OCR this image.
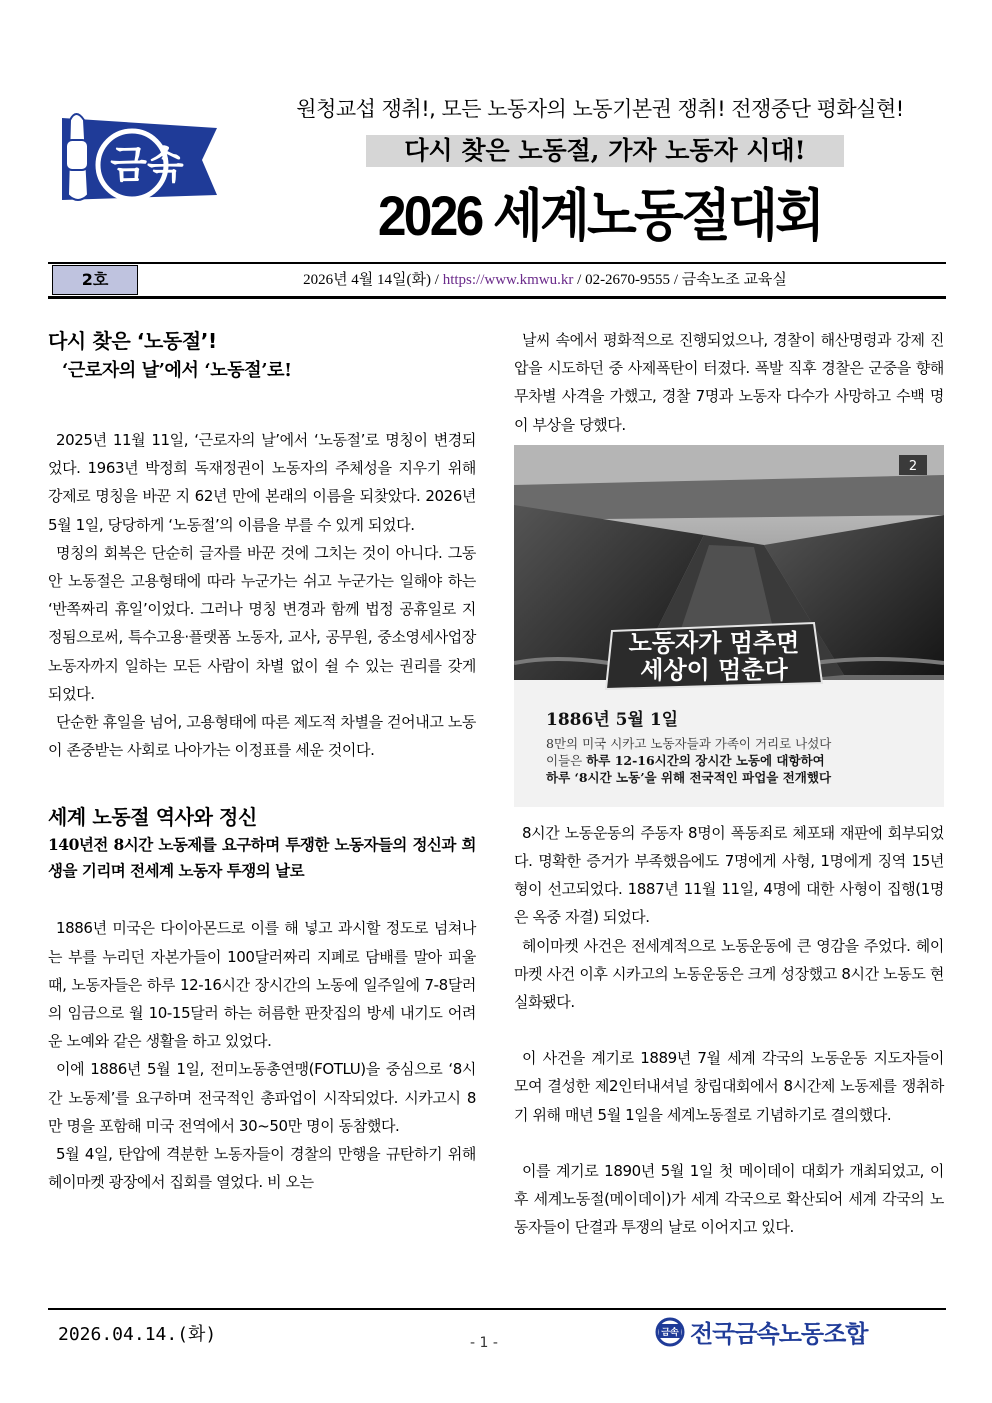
금속
원청교섭 쟁취!, 모든 노동자의 노동기본권 쟁취! 전쟁중단 평화실현!
다시 찾은 노동절, 가자 노동자 시대!
2026 세계노동절대회
2호	2026년 4월 14일(화) / https://www.kmwu.kr / 02-2670-9555 / 금속노조 교육실

다시 찾은 ‘노동절’!

‘근로자의 날’에서 ‘노동절’로!

2025년 11월 11일, ‘근로자의 날’에서 ‘노동절’로 명칭이 변경되었다. 1963년 박정희 독재정권이 노동자의 주체성을 지우기 위해 강제로 명칭을 바꾼 지 62년 만에 본래의 이름을 되찾았다. 2026년 5월 1일, 당당하게 ‘노동절’의 이름을 부를 수 있게 되었다.

명칭의 회복은 단순히 글자를 바꾼 것에 그치는 것이 아니다. 그동안 노동절은 고용형태에 따라 누군가는 쉬고 누군가는 일해야 하는 ‘반쪽짜리 휴일’이었다. 그러나 명칭 변경과 함께 법정 공휴일로 지정됨으로써, 특수고용·플랫폼 노동자, 교사, 공무원, 중소영세사업장 노동자까지 일하는 모든 사람이 차별 없이 쉴 수 있는 권리를 갖게 되었다.

단순한 휴일을 넘어, 고용형태에 따른 제도적 차별을 걷어내고 노동이 존중받는 사회로 나아가는 이정표를 세운 것이다.

세계 노동절 역사와 정신

140년전 8시간 노동제를 요구하며 투쟁한 노동자들의 정신과 희생을 기리며 전세계 노동자 투쟁의 날로

1886년 미국은 다이아몬드로 이를 해 넣고 과시할 정도로 넘쳐나는 부를 누리던 자본가들이 100달러짜리 지폐로 담배를 말아 피울 때, 노동자들은 하루 12-16시간 장시간의 노동에 일주일에 7-8달러의 임금으로 월 10-15달러 하는 허름한 판잣집의 방세 내기도 어려운 노예와 같은 생활을 하고 있었다.

이에 1886년 5월 1일, 전미노동총연맹(FOTLU)을 중심으로 ‘8시간 노동제’를 요구하며 전국적인 총파업이 시작되었다. 시카고시 8만 명을 포함해 미국 전역에서 30~50만 명이 동참했다.

5월 4일, 탄압에 격분한 노동자들이 경찰의 만행을 규탄하기 위해 헤이마켓 광장에서 집회를 열었다. 비 오는

날씨 속에서 평화적으로 진행되었으나, 경찰이 해산명령과 강제 진압을 시도하던 중 사제폭탄이 터졌다. 폭발 직후 경찰은 군중을 향해 무차별 사격을 가했고, 경찰 7명과 노동자 다수가 사망하고 수백 명이 부상을 당했다.

8시간 노동운동의 주동자 8명이 폭동죄로 체포돼 재판에 회부되었다. 명확한 증거가 부족했음에도 7명에게 사형, 1명에게 징역 15년형이 선고되었다. 1887년 11월 11일, 4명에 대한 사형이 집행(1명은 옥중 자결) 되었다.

헤이마켓 사건은 전세계적으로 노동운동에 큰 영감을 주었다. 헤이마켓 사건 이후 시카고의 노동운동은 크게 성장했고 8시간 노동도 현실화됐다.

이 사건을 계기로 1889년 7월 세계 각국의 노동운동 지도자들이 모여 결성한 제2인터내셔널 창립대회에서 8시간제 노동제를 쟁취하기 위해 매년 5월 1일을 세계노동절로 기념하기로 결의했다.

이를 계기로 1890년 5월 1일 첫 메이데이 대회가 개최되었고, 이후 세계노동절(메이데이)가 세계 각국으로 확산되어 세계 각국의 노동자들이 단결과 투쟁의 날로 이어지고 있다.

2
노동자가 멈추면
세상이 멈춘다
1886년 5월 1일
8만의 미국 시카고 노동자들과 가족이 거리로 나섰다
이들은 하루 12-16시간의 장시간 노동에 대항하여
하루 ‘8시간 노동’을 위해 전국적인 파업을 전개했다
2026.04.14.(화)	- 1 -
금속 전국금속노동조합
